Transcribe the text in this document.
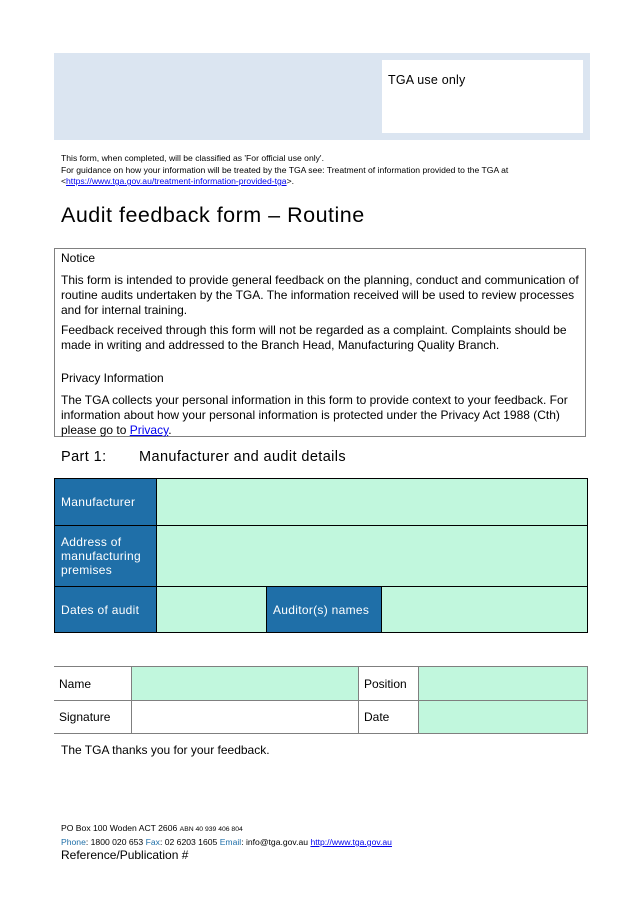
TGA use only
This form, when completed, will be classified as 'For official use only'.
For guidance on how your information will be treated by the TGA see: Treatment of information provided to the TGA at
<https://www.tga.gov.au/treatment-information-provided-tga>.
Audit feedback form – Routine

Notice

This form is intended to provide general feedback on the planning, conduct and communication of routine audits undertaken by the TGA. The information received will be used to review processes and for internal training.

Feedback received through this form will not be regarded as a complaint. Complaints should be made in writing and addressed to the Branch Head, Manufacturing Quality Branch.

Privacy Information

The TGA collects your personal information in this form to provide context to your feedback. For information about how your personal information is protected under the Privacy Act 1988 (Cth) please go to Privacy.

Part 1: Manufacturer and audit details
Manufacturer
Address of manufacturing premises
Dates of audit	Auditor(s) names
Name	Position
Signature	Date
The TGA thanks you for your feedback.
PO Box 100 Woden ACT 2606 ABN 40 939 406 804
Phone: 1800 020 653 Fax: 02 6203 1605 Email: info@tga.gov.au http://www.tga.gov.au
Reference/Publication #
